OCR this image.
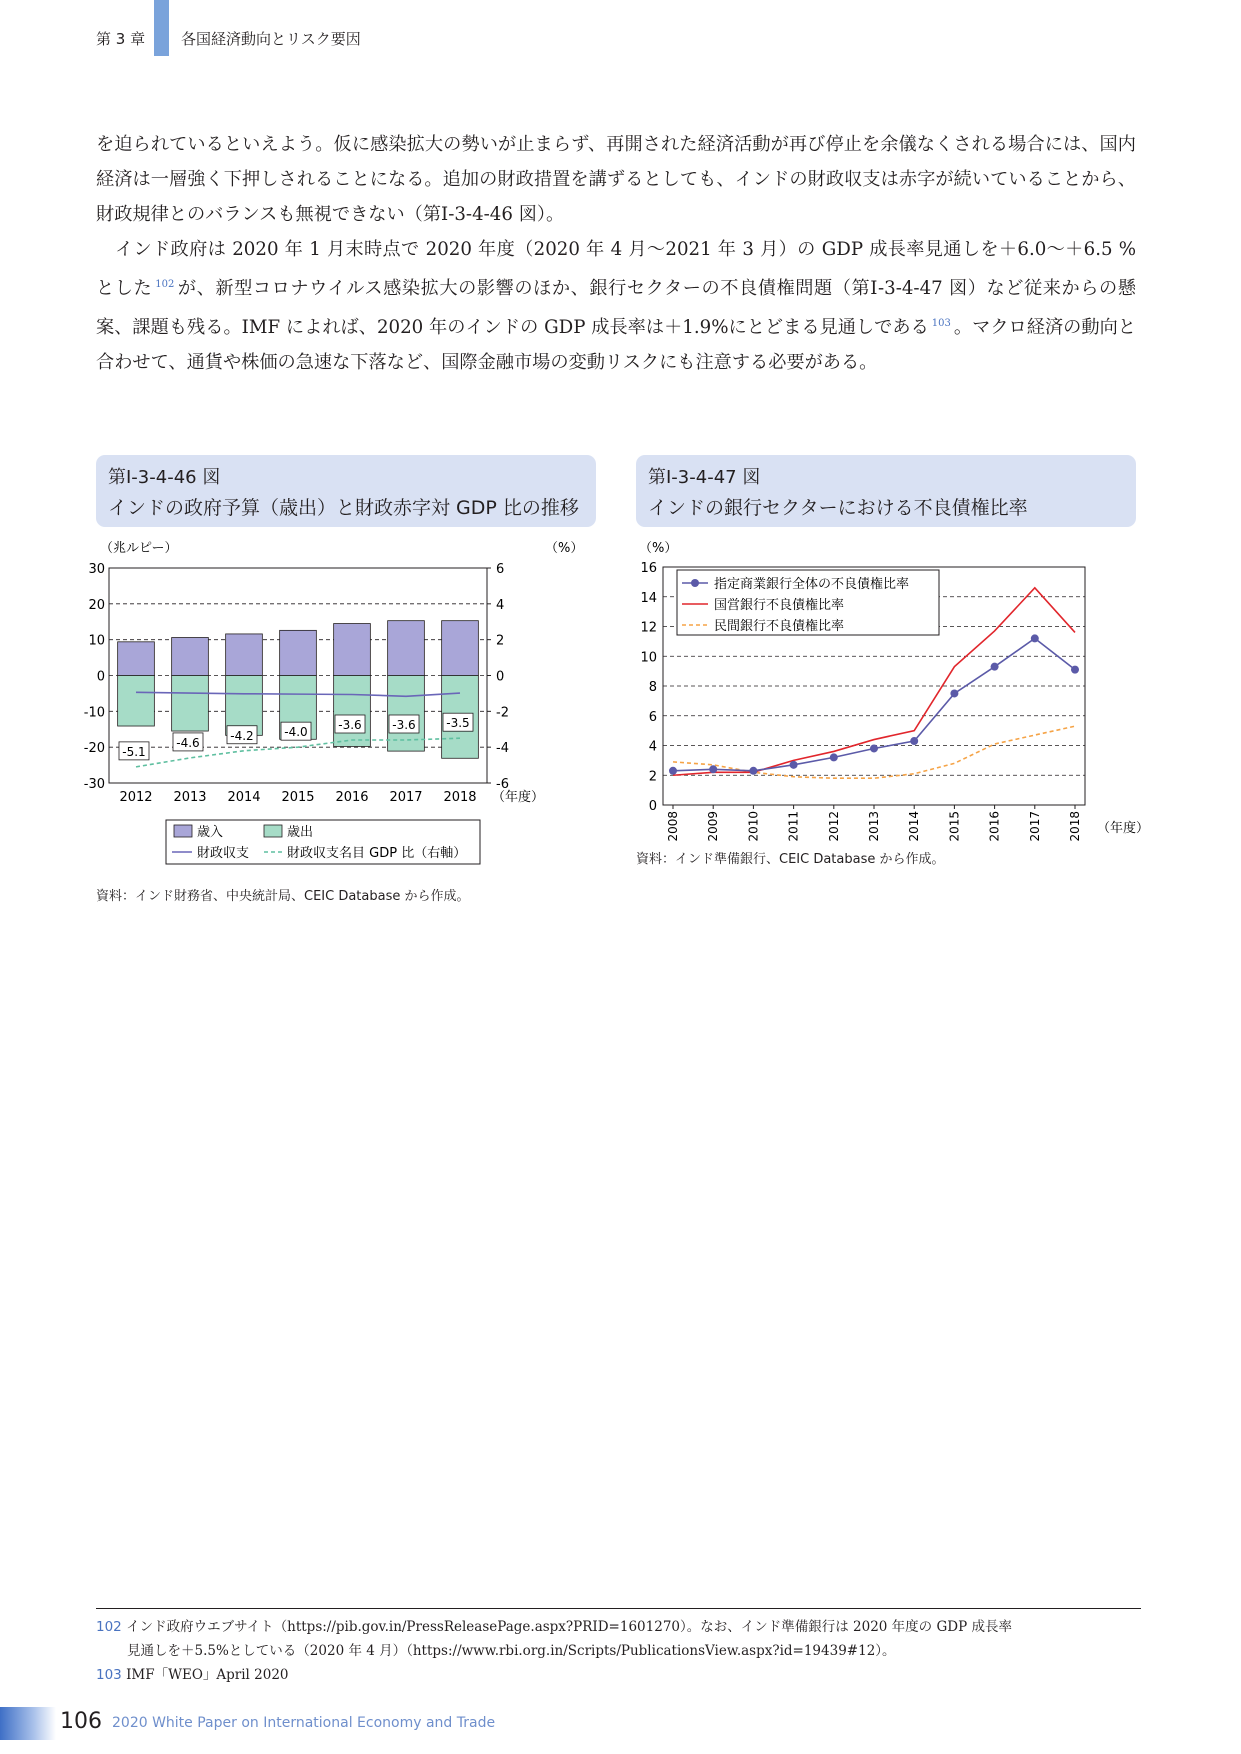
第 3 章 各国経済動向とリスク要因
を迫られているといえよう。仮に感染拡大の勢いが止まらず、再開された経済活動が再び停止を余儀なくされる場合には、国内経済は一層強く下押しされることになる。追加の財政措置を講ずるとしても、インドの財政収支は赤字が続いていることから、財政規律とのバランスも無視できない（第Ⅰ-3-4-46 図）。
インド政府は 2020 年 1 月末時点で 2020 年度（2020 年 4 月〜2021 年 3 月）の GDP 成長率見通しを＋6.0〜＋6.5 %とした $^{102}$ が、新型コロナウイルス感染拡大の影響のほか、銀行セクターの不良債権問題（第Ⅰ-3-4-47 図）など従来からの懸案、課題も残る。IMF によれば、2020 年のインドの GDP 成長率は＋1.9%にとどまる見通しである $^{103}$ 。マクロ経済の動向と合わせて、通貨や株価の急速な下落など、国際金融市場の変動リスクにも注意する必要がある。
第Ⅰ-3-4-46 図
インドの政府予算（歳出）と財政赤字対 GDP 比の推移
第Ⅰ-3-4-47 図
インドの銀行セクターにおける不良債権比率
（兆ルピー）	（%）
-5.1
-4.6
-4.2	-4.0
-3.6	-3.6	-3.5
30
20
10
0
-10
-20
-30
6
4
2
0
-2
-4
-6
2012 2013 2014 2015 2016 2017 2018 （年度）
歳入	歳出
財政収支	財政収支名目 GDP 比（右軸）
資料：インド財務省、中央統計局、CEIC Database から作成。
（%）
0
2
4
6
8
10
12
14
16
2008 2009 2010 2011 2012 2013 2014 2015 2016 2017 2018 （年度）
指定商業銀行全体の不良債権比率
国営銀行不良債権比率
民間銀行不良債権比率
資料：インド準備銀行、CEIC Database から作成。
102 インド政府ウエブサイト（https://pib.gov.in/PressReleasePage.aspx?PRID=1601270）。なお、インド準備銀行は 2020 年度の GDP 成長率
見通しを＋5.5%としている（2020 年 4 月）（https://www.rbi.org.in/Scripts/PublicationsView.aspx?id=19439#12）。
103 IMF「WEO」April 2020
106 2020 White Paper on International Economy and Trade
